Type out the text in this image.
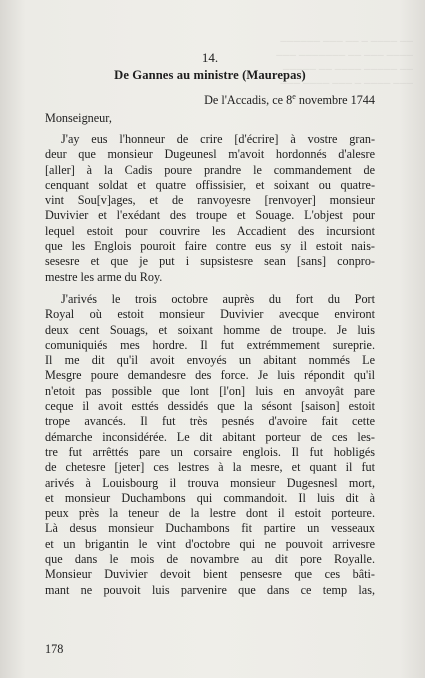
── ──── ─ ── ─── ──────
──── ─── ── ─────── ───
── ───── ──── ── ─────
─── ──── ─ ─── ──── ───

14.

De Gannes au ministre (Maurepas)

De l'Accadis, ce 8e novembre 1744

Monseigneur,

J'ay eus l'honneur de crire [d'écrire] à vostre gran-
deur que monsieur Dugeunesl m'avoit hordonnés d'alesre
[aller] à la Cadis poure prandre le commandement de
cenquant soldat et quatre offissisier, et soixant ou quatre-
vint Sou[v]ages, et de ranvoyesre [renvoyer] monsieur
Duvivier et l'exédant des troupe et Souage. L'objest pour
lequel estoit pour couvrire les Accadient des incursiont
que les Englois pouroit faire contre eus sy il estoit nais-
sesesre et que je put i supsistesre sean [sans] conpro-
mestre les arme du Roy.
J'arivés le trois octobre auprès du fort du Port
Royal où estoit monsieur Duvivier avecque environt
deux cent Souags, et soixant homme de troupe. Je luis
comuniquiés mes hordre. Il fut extrémmement sureprie.
Il me dit qu'il avoit envoyés un abitant nommés Le
Mesgre poure demandesre des force. Je luis répondit qu'il
n'etoit pas possible que lont [l'on] luis en anvoyât pare
ceque il avoit esttés dessidés que la sésont [saison] estoit
trope avancés. Il fut très pesnés d'avoire fait cette
démarche inconsidérée. Le dit abitant porteur de ces les-
tre fut arrêttés pare un corsaire englois. Il fut hobligés
de chetesre [jeter] ces lestres à la mesre, et quant il fut
arivés à Louisbourg il trouva monsieur Dugesnesl mort,
et monsieur Duchambons qui commandoit. Il luis dit à
peux près la teneur de la lestre dont il estoit porteure.
Là desus monsieur Duchambons fit partire un vesseaux
et un brigantin le vint d'octobre qui ne pouvoit arrivesre
que dans le mois de novambre au dit pore Royalle.
Monsieur Duvivier devoit bient pensesre que ces bâti-
mant ne pouvoit luis parvenire que dans ce temp las,
178
